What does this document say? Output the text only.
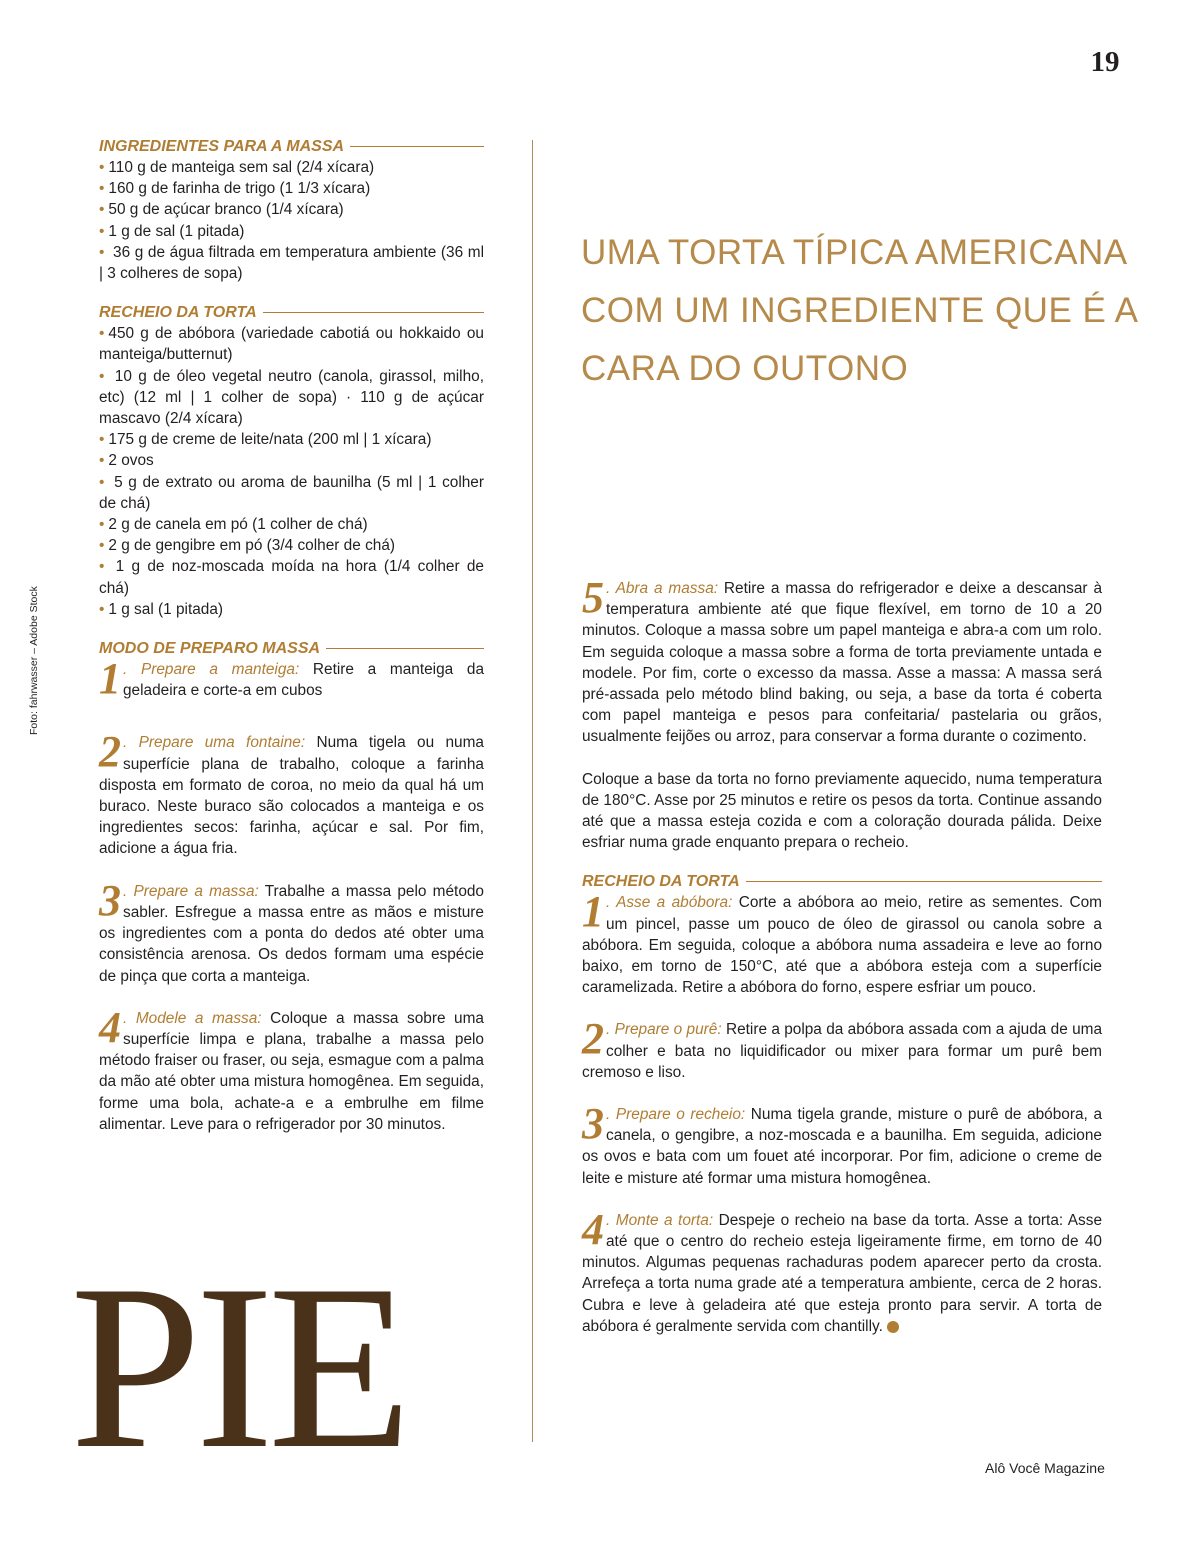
19
Foto: fahrwasser – Adobe Stock
INGREDIENTES PARA A MASSA
• 110 g de manteiga sem sal (2/4 xícara)
• 160 g de farinha de trigo (1 1/3 xícara)
• 50 g de açúcar branco (1/4 xícara)
• 1 g de sal (1 pitada)
• 36 g de água filtrada em temperatura ambiente (36 ml | 3 colheres de sopa)
RECHEIO DA TORTA
• 450 g de abóbora (variedade cabotiá ou hokkaido ou manteiga/butternut)
• 10 g de óleo vegetal neutro (canola, girassol, milho, etc) (12 ml | 1 colher de sopa) · 110 g de açúcar mascavo (2/4 xícara)
• 175 g de creme de leite/nata (200 ml | 1 xícara)
• 2 ovos
• 5 g de extrato ou aroma de baunilha (5 ml | 1 colher de chá)
• 2 g de canela em pó (1 colher de chá)
• 2 g de gengibre em pó (3/4 colher de chá)
• 1 g de noz-moscada moída na hora (1/4 colher de chá)
• 1 g sal (1 pitada)
MODO DE PREPARO MASSA

1 . Prepare a manteiga: Retire a manteiga da geladeira e corte-a em cubos

2 . Prepare uma fontaine: Numa tigela ou numa superfície plana de trabalho, coloque a farinha disposta em formato de coroa, no meio da qual há um buraco. Neste buraco são colocados a manteiga e os ingredientes secos: farinha, açúcar e sal. Por fim, adicione a água fria.

3 . Prepare a massa: Trabalhe a massa pelo método sabler. Esfregue a massa entre as mãos e misture os ingredientes com a ponta do dedos até obter uma consistência arenosa. Os dedos formam uma espécie de pinça que corta a manteiga.

4 . Modele a massa: Coloque a massa sobre uma superfície limpa e plana, trabalhe a massa pelo método fraiser ou fraser, ou seja, esmague com a palma da mão até obter uma mistura homogênea. Em seguida, forme uma bola, achate-a e a embrulhe em filme alimentar. Leve para o refrigerador por 30 minutos.

UMA TORTA TÍPICA AMERICANA
COM UM INGREDIENTE QUE É A
CARA DO OUTONO
PIE

5 . Abra a massa: Retire a massa do refrigerador e deixe a descansar à temperatura ambiente até que fique flexível, em torno de 10 a 20 minutos. Coloque a massa sobre um papel manteiga e abra-a com um rolo. Em seguida coloque a massa sobre a forma de torta previamente untada e modele. Por fim, corte o excesso da massa. Asse a massa: A massa será pré-assada pelo método blind baking, ou seja, a base da torta é coberta com papel manteiga e pesos para confeitaria/ pastelaria ou grãos, usualmente feijões ou arroz, para conservar a forma durante o cozimento.

Coloque a base da torta no forno previamente aquecido, numa temperatura de 180°C. Asse por 25 minutos e retire os pesos da torta. Continue assando até que a massa esteja cozida e com a coloração dourada pálida. Deixe esfriar numa grade enquanto prepara o recheio.

RECHEIO DA TORTA

1 . Asse a abóbora: Corte a abóbora ao meio, retire as sementes. Com um pincel, passe um pouco de óleo de girassol ou canola sobre a abóbora. Em seguida, coloque a abóbora numa assadeira e leve ao forno baixo, em torno de 150°C, até que a abóbora esteja com a superfície caramelizada. Retire a abóbora do forno, espere esfriar um pouco.

2 . Prepare o purê: Retire a polpa da abóbora assada com a ajuda de uma colher e bata no liquidificador ou mixer para formar um purê bem cremoso e liso.

3 . Prepare o recheio: Numa tigela grande, misture o purê de abóbora, a canela, o gengibre, a noz-moscada e a baunilha. Em seguida, adicione os ovos e bata com um fouet até incorporar. Por fim, adicione o creme de leite e misture até formar uma mistura homogênea.

4 . Monte a torta: Despeje o recheio na base da torta. Asse a torta: Asse até que o centro do recheio esteja ligeiramente firme, em torno de 40 minutos. Algumas pequenas rachaduras podem aparecer perto da crosta. Arrefeça a torta numa grade até a temperatura ambiente, cerca de 2 horas. Cubra e leve à geladeira até que esteja pronto para servir. A torta de abóbora é geralmente servida com chantilly.

Alô Você Magazine
